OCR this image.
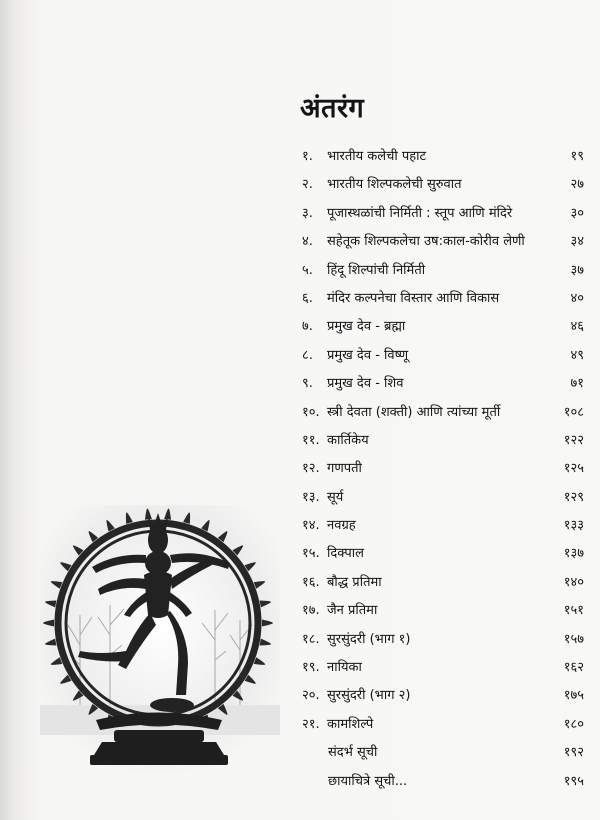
अंतरंग
१.	भारतीय कलेची पहाट	१९
२.	भारतीय शिल्पकलेची सुरुवात	२७
३.	पूजास्थळांची निर्मिती : स्तूप आणि मंदिरे	३०
४.	सहेतूक शिल्पकलेचा उष:काल-कोरीव लेणी	३४
५.	हिंदू शिल्पांची निर्मिती	३७
६.	मंदिर कल्पनेचा विस्तार आणि विकास	४०
७.	प्रमुख देव - ब्रह्मा	४६
८.	प्रमुख देव - विष्णू	४९
९.	प्रमुख देव - शिव	७१
१०. स्त्री देवता (शक्ती) आणि त्यांच्या मूर्ती	१०८
११. कार्तिकेय	१२२
१२. गणपती	१२५
१३. सूर्य	१२९
१४. नवग्रह	१३३
१५. दिक्पाल	१३७
१६. बौद्ध प्रतिमा	१४०
१७. जैन प्रतिमा	१५१
१८. सुरसुंदरी (भाग १)	१५७
१९. नायिका	१६२
२०. सुरसुंदरी (भाग २)	१७५
२१. कामशिल्पे	१८०
संदर्भ सूची	१९२
छायाचित्रे सूची...	१९५
